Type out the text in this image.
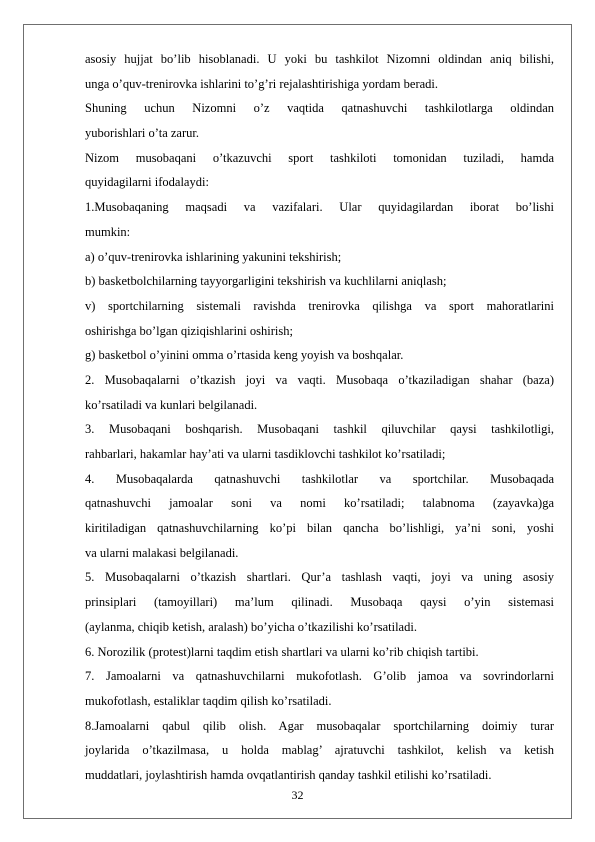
asosiy hujjat bo’lib hisoblanadi. U yoki bu tashkilot Nizomni oldindan aniq bilishi,
unga o’quv-trenirovka ishlarini to’g’ri rejalashtirishiga yordam beradi.
Shuning uchun Nizomni o’z vaqtida qatnashuvchi tashkilotlarga oldindan
yuborishlari o’ta zarur.
Nizom musobaqani o’tkazuvchi sport tashkiloti tomonidan tuziladi, hamda
quyidagilarni ifodalaydi:
1.Musobaqaning maqsadi va vazifalari. Ular quyidagilardan iborat bo’lishi
mumkin:
a) o’quv-trenirovka ishlarining yakunini tekshirish;
b) basketbolchilarning tayyorgarligini tekshirish va kuchlilarni aniqlash;
v) sportchilarning sistemali ravishda trenirovka qilishga va sport mahoratlarini
oshirishga bo’lgan qiziqishlarini oshirish;
g) basketbol o’yinini omma o’rtasida keng yoyish va boshqalar.
2. Musobaqalarni o’tkazish joyi va vaqti. Musobaqa o’tkaziladigan shahar (baza)
ko’rsatiladi va kunlari belgilanadi.
3. Musobaqani boshqarish. Musobaqani tashkil qiluvchilar qaysi tashkilotligi,
rahbarlari, hakamlar hay’ati va ularni tasdiklovchi tashkilot ko’rsatiladi;
4. Musobaqalarda qatnashuvchi tashkilotlar va sportchilar. Musobaqada
qatnashuvchi jamoalar soni va nomi ko’rsatiladi; talabnoma (zayavka)ga
kiritiladigan qatnashuvchilarning ko’pi bilan qancha bo’lishligi, ya’ni soni, yoshi
va ularni malakasi belgilanadi.
5. Musobaqalarni o’tkazish shartlari. Qur’a tashlash vaqti, joyi va uning asosiy
prinsiplari (tamoyillari) ma’lum qilinadi. Musobaqa qaysi o’yin sistemasi
(aylanma, chiqib ketish, aralash) bo’yicha o’tkazilishi ko’rsatiladi.
6. Norozilik (protest)larni taqdim etish shartlari va ularni ko’rib chiqish tartibi.
7. Jamoalarni va qatnashuvchilarni mukofotlash. G’olib jamoa va sovrindorlarni
mukofotlash, estaliklar taqdim qilish ko’rsatiladi.
8.Jamoalarni qabul qilib olish. Agar musobaqalar sportchilarning doimiy turar
joylarida o’tkazilmasa, u holda mablag’ ajratuvchi tashkilot, kelish va ketish
muddatlari, joylashtirish hamda ovqatlantirish qanday tashkil etilishi ko’rsatiladi.
32
